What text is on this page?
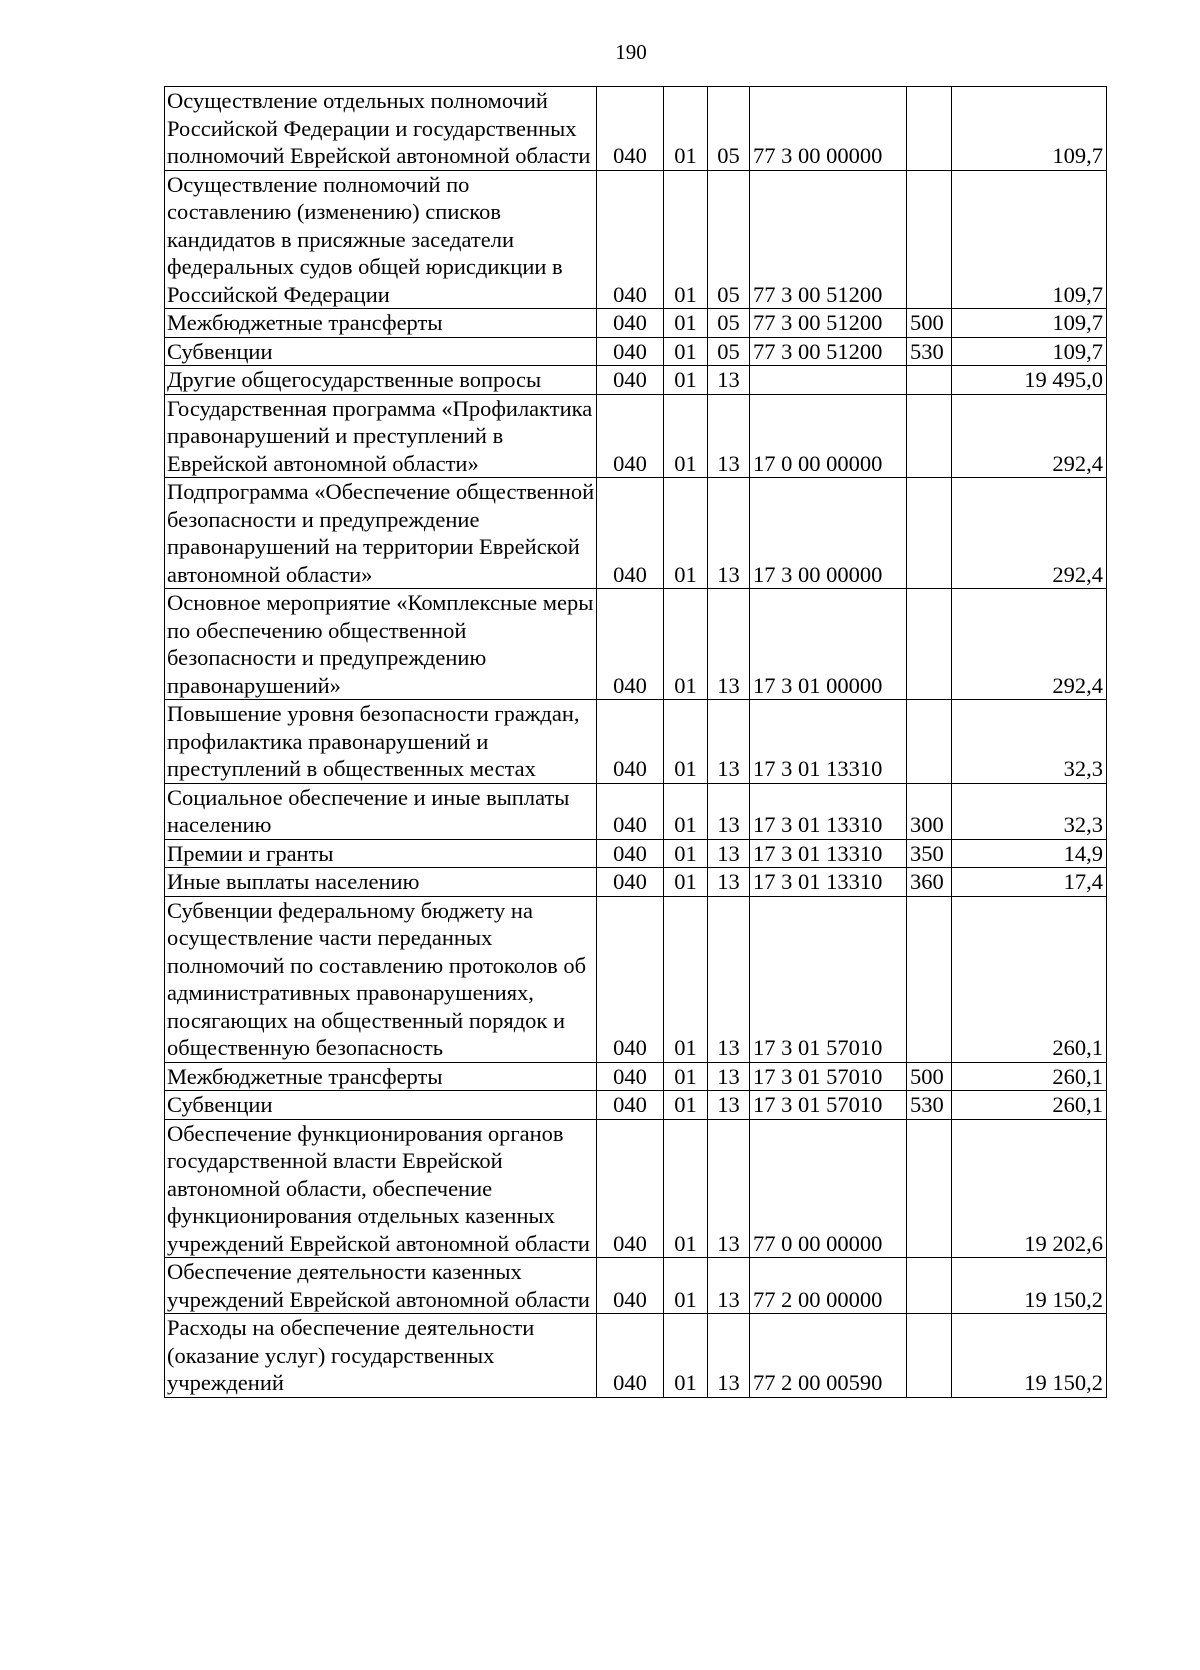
190
Осуществление отдельных полномочий Российской Федерации и государственных полномочий Еврейской автономной области	040	01	05	77 3 00 00000		109,7
Осуществление полномочий по составлению (изменению) списков кандидатов в присяжные заседатели федеральных судов общей юрисдикции в Российской Федерации	040	01	05	77 3 00 51200		109,7
Межбюджетные трансферты	040	01	05	77 3 00 51200	500	109,7
Субвенции	040	01	05	77 3 00 51200	530	109,7
Другие общегосударственные вопросы	040	01	13			19 495,0
Государственная программа «Профилактика правонарушений и преступлений в Еврейской автономной области»	040	01	13	17 0 00 00000		292,4
Подпрограмма «Обеспечение общественной безопасности и предупреждение правонарушений на территории Еврейской автономной области»	040	01	13	17 3 00 00000		292,4
Основное мероприятие «Комплексные меры по обеспечению общественной безопасности и предупреждению правонарушений»	040	01	13	17 3 01 00000		292,4
Повышение уровня безопасности граждан, профилактика правонарушений и преступлений в общественных местах	040	01	13	17 3 01 13310		32,3
Социальное обеспечение и иные выплаты населению	040	01	13	17 3 01 13310	300	32,3
Премии и гранты	040	01	13	17 3 01 13310	350	14,9
Иные выплаты населению	040	01	13	17 3 01 13310	360	17,4
Субвенции федеральному бюджету на осуществление части переданных полномочий по составлению протоколов об административных правонарушениях, посягающих на общественный порядок и общественную безопасность	040	01	13	17 3 01 57010		260,1
Межбюджетные трансферты	040	01	13	17 3 01 57010	500	260,1
Субвенции	040	01	13	17 3 01 57010	530	260,1
Обеспечение функционирования органов государственной власти Еврейской автономной области, обеспечение функционирования отдельных казенных учреждений Еврейской автономной области	040	01	13	77 0 00 00000		19 202,6
Обеспечение деятельности казенных учреждений Еврейской автономной области	040	01	13	77 2 00 00000		19 150,2
Расходы на обеспечение деятельности (оказание услуг) государственных учреждений	040	01	13	77 2 00 00590		19 150,2
